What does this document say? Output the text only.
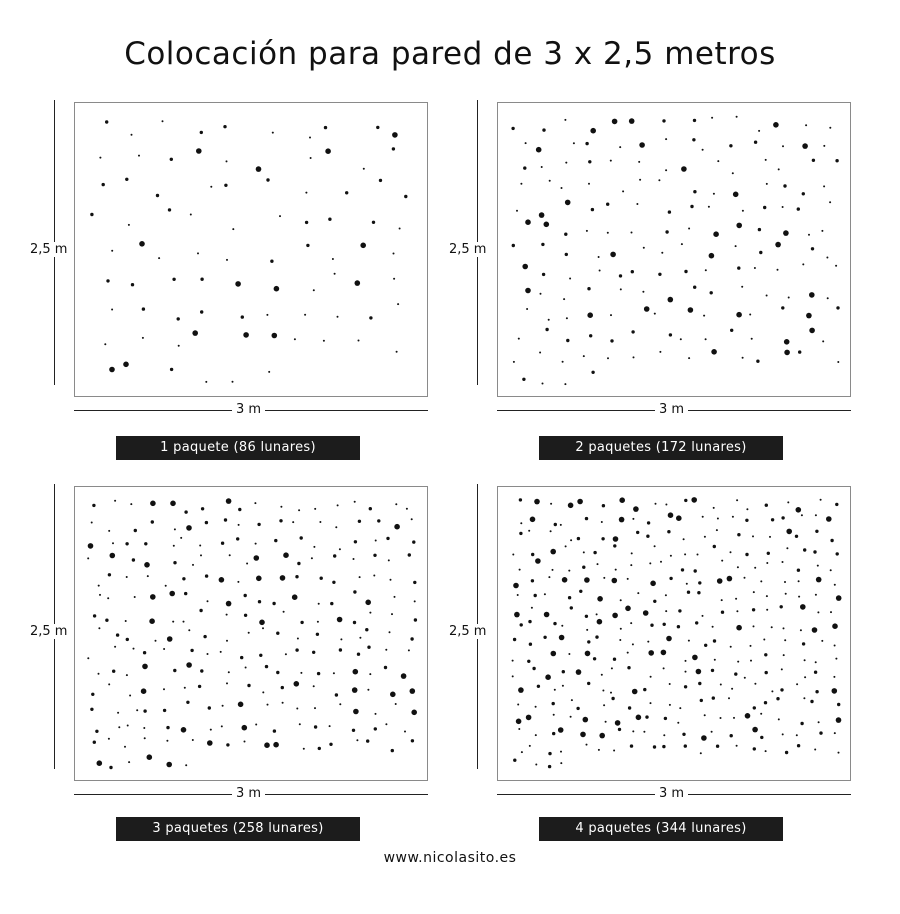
Colocación para pared de 3 x 2,5 metros
2,5 m
3 m
1 paquete (86 lunares)
2,5 m
3 m
2 paquetes (172 lunares)
2,5 m
3 m
3 paquetes (258 lunares)
2,5 m
3 m
4 paquetes (344 lunares)
www.nicolasito.es
